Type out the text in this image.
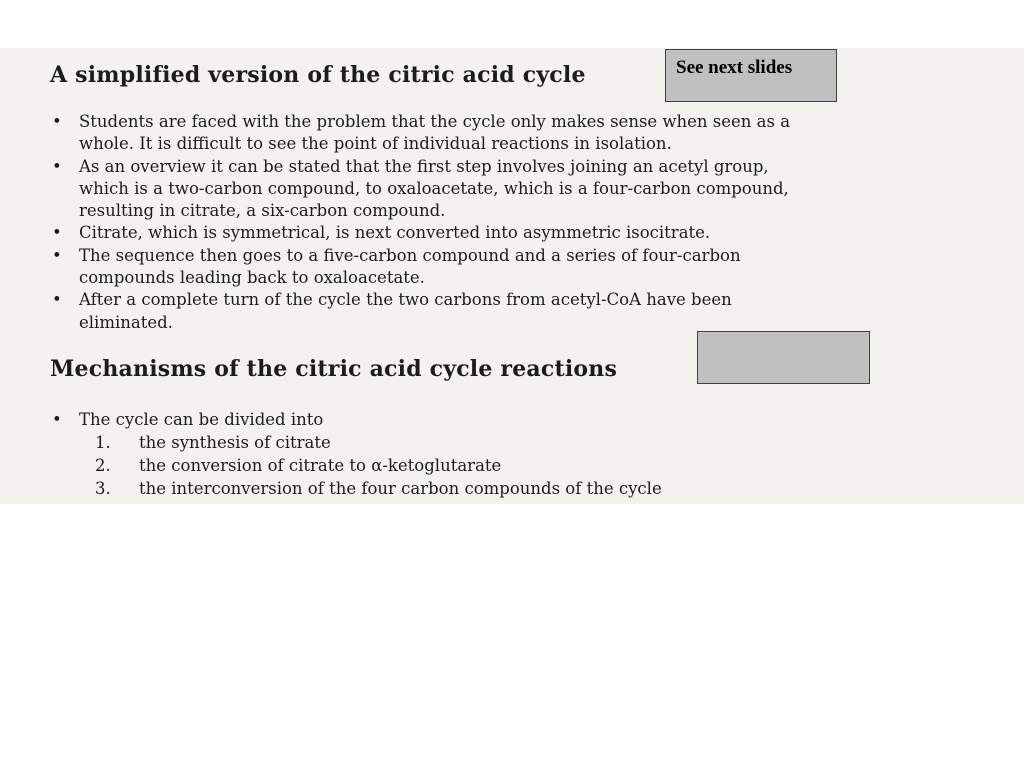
A simplified version of the citric acid cycle
• Students are faced with the problem that the cycle only makes sense when seen as a
whole. It is difficult to see the point of individual reactions in isolation.
• As an overview it can be stated that the first step involves joining an acetyl group,
which is a two-carbon compound, to oxaloacetate, which is a four-carbon compound,
resulting in citrate, a six-carbon compound.
• Citrate, which is symmetrical, is next converted into asymmetric isocitrate.
• The sequence then goes to a five-carbon compound and a series of four-carbon
compounds leading back to oxaloacetate.
• After a complete turn of the cycle the two carbons from acetyl-CoA have been
eliminated.
Mechanisms of the citric acid cycle reactions
• The cycle can be divided into
1. the synthesis of citrate
2. the conversion of citrate to α-ketoglutarate
3. the interconversion of the four carbon compounds of the cycle
See next slides
